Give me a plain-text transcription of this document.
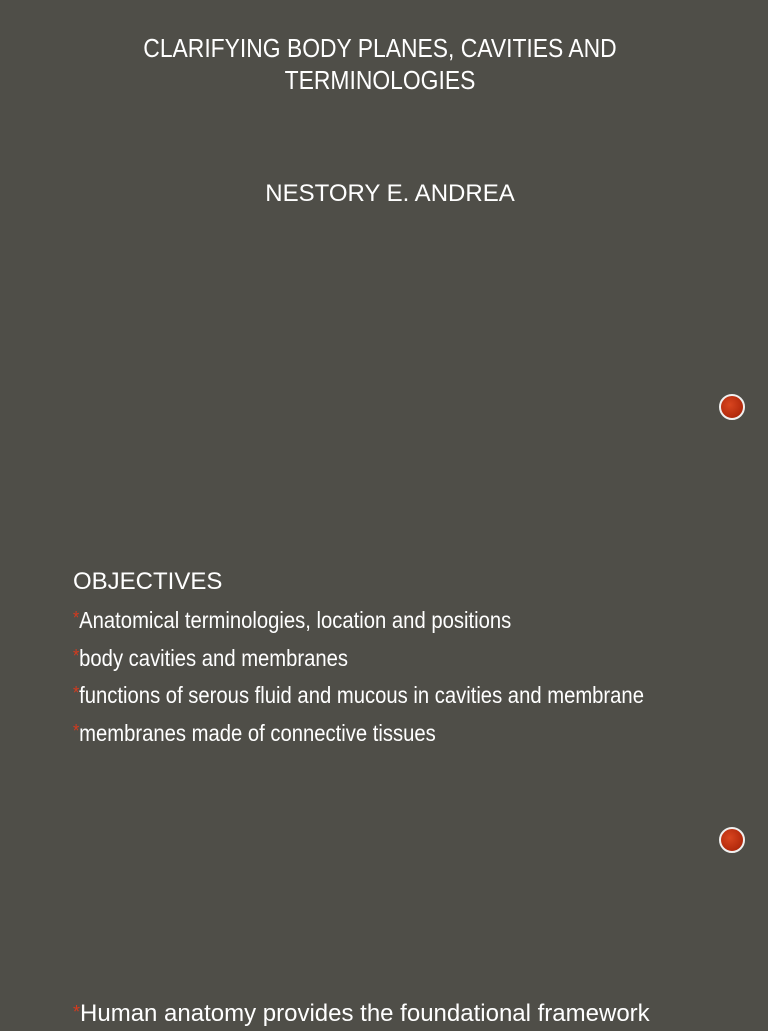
CLARIFYING BODY PLANES, CAVITIES AND
TERMINOLOGIES
NESTORY E. ANDREA
OBJECTIVES
*Anatomical terminologies, location and positions
*body cavities and membranes
*functions of serous fluid and mucous in cavities and membrane
*membranes made of connective tissues
*Human anatomy provides the foundational framework
